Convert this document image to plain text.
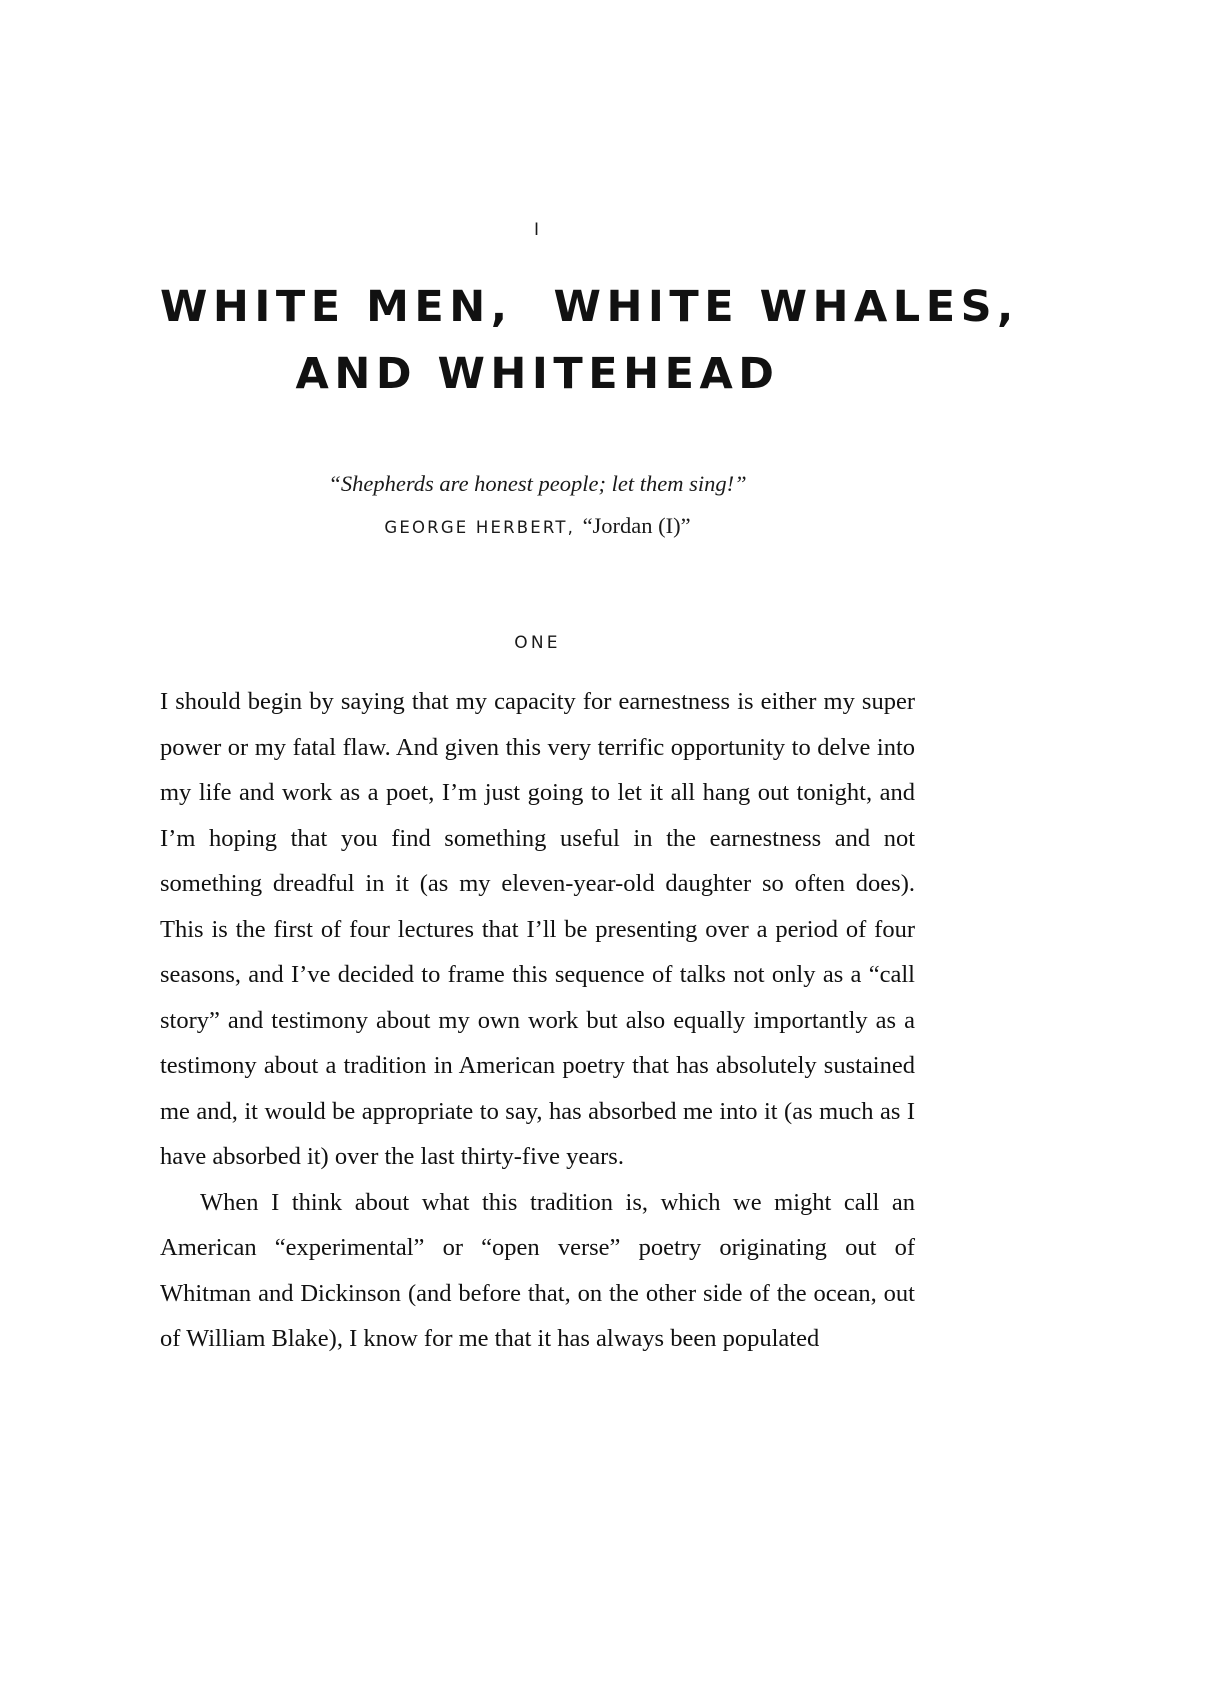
I
WHITE MEN,  WHITE WHALES,
AND WHITEHEAD

“Shepherds are honest people; let them sing!”

GEORGE HERBERT, “Jordan (I)”
ONE

I should begin by saying that my capacity for earnestness is either my super power or my fatal flaw. And given this very terrific opportunity to delve into my life and work as a poet, I’m just going to let it all hang out tonight, and I’m hoping that you find something useful in the earnestness and not something dreadful in it (as my eleven-year-old daughter so often does). This is the first of four lectures that I’ll be presenting over a period of four seasons, and I’ve decided to frame this sequence of talks not only as a “call story” and testimony about my own work but also equally importantly as a testimony about a tradition in American poetry that has absolutely sustained me and, it would be appropriate to say, has absorbed me into it (as much as I have absorbed it) over the last thirty-five years.

When I think about what this tradition is, which we might call an American “experimental” or “open verse” poetry originating out of Whitman and Dickinson (and before that, on the other side of the ocean, out of William Blake), I know for me that it has always been populated
